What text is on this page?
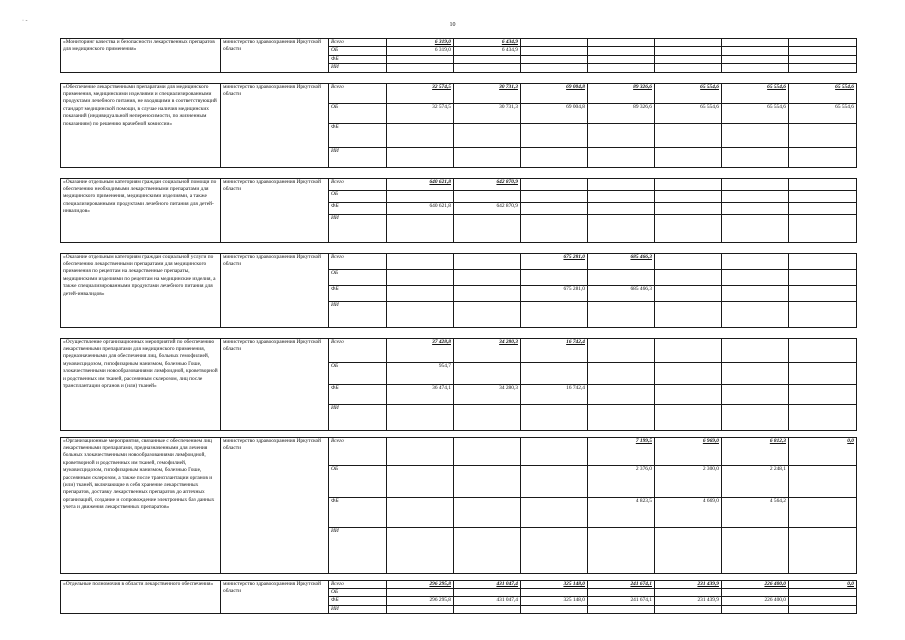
10
· -
«Мониторинг качества и безопасности лекарственных препаратов для медицинского применения»	министерство здравоохранения Иркутской области	Всего	6 319,0	6 434,9					
		ОБ	6 319,0	6 434,9					
		ФБ							
		ИИ							

«Обеспечение лекарственными препаратами для медицинского применения, медицинскими изделиями и специализированными продуктами лечебного питания, не входящими в соответствующий стандарт медицинской помощи, в случае наличия медицинских показаний (индивидуальной непереносимости, по жизненным показаниям) по решению врачебной комиссии»	министерство здравоохранения Иркутской области	Всего	32 574,5	30 731,3	69 004,8	89 326,6	65 554,6	65 554,6	65 554,6
		ОБ	32 574,5	30 731,3	69 004,8	89 326,6	65 554,6	65 554,6	65 554,6
		ФБ							
		ИИ							

«Оказание отдельным категориям граждан социальной помощи по обеспечению необходимыми лекарственными препаратами для медицинского применения, медицинскими изделиями, а также специализированными продуктами лечебного питания для детей-инвалидов»	министерство здравоохранения Иркутской области	Всего	640 621,8	642 870,9					
		ОБ							
		ФБ	640 621,8	642 870,9					
		ИИ							

«Оказание отдельным категориям граждан социальной услуги по обеспечению лекарственными препаратами для медицинского применения по рецептам на лекарственные препараты, медицинскими изделиями по рецептам на медицинские изделия, а также специализированными продуктами лечебного питания для детей-инвалидов»	министерство здравоохранения Иркутской области	Всего			675 281,0	685 466,3			
		ОБ							
		ФБ			675 281,0	685 466,3			
		ИИ							

«Осуществление организационных мероприятий по обеспечению лекарственными препаратами для медицинского применения, предназначенными для обеспечения лиц, больных гемофилией, муковисцидозом, гипофизарным нанизмом, болезнью Гоше, злокачественными новообразованиями лимфоидной, кроветворной и родственных им тканей, рассеянным склерозом, лиц после трансплантации органов и (или) тканей»	министерство здравоохранения Иркутской области	Всего	37 428,8	34 280,3	16 742,4				
		ОБ	954,7						
		ФБ	36 474,1	34 280,3	16 742,4				
		ИИ							

«Организационные мероприятия, связанные с обеспечением лиц лекарственными препаратами, предназначенными для лечения больных злокачественными новообразованиями лимфоидной, кроветворной и родственных им тканей, гемофилией, муковисцидозом, гипофизарным нанизмом, болезнью Гоше, рассеянным склерозом, а также после трансплантации органов и (или) тканей, включающие в себя хранение лекарственных препаратов, доставку лекарственных препаратов до аптечных организаций, создание и сопровождение электронных баз данных учета и движения лекарственных препаратов»	министерство здравоохранения Иркутской области	Всего				7 199,5	6 969,0	6 812,3	0,0
		ОБ				2 376,0	2 300,0	2 248,1	
		ФБ				4 823,5	4 669,0	4 564,2	
		ИИ							

«Отдельные полномочия в области лекарственного обеспечения»	министерство здравоохранения Иркутской области	Всего	296 295,8	431 047,4	325 148,0	241 674,1	231 439,9	226 400,0	0,0
		ОБ							
		ФБ	296 295,8	431 047,4	325 148,0	241 674,1	231 439,9	226 400,0	
		ИИ							
